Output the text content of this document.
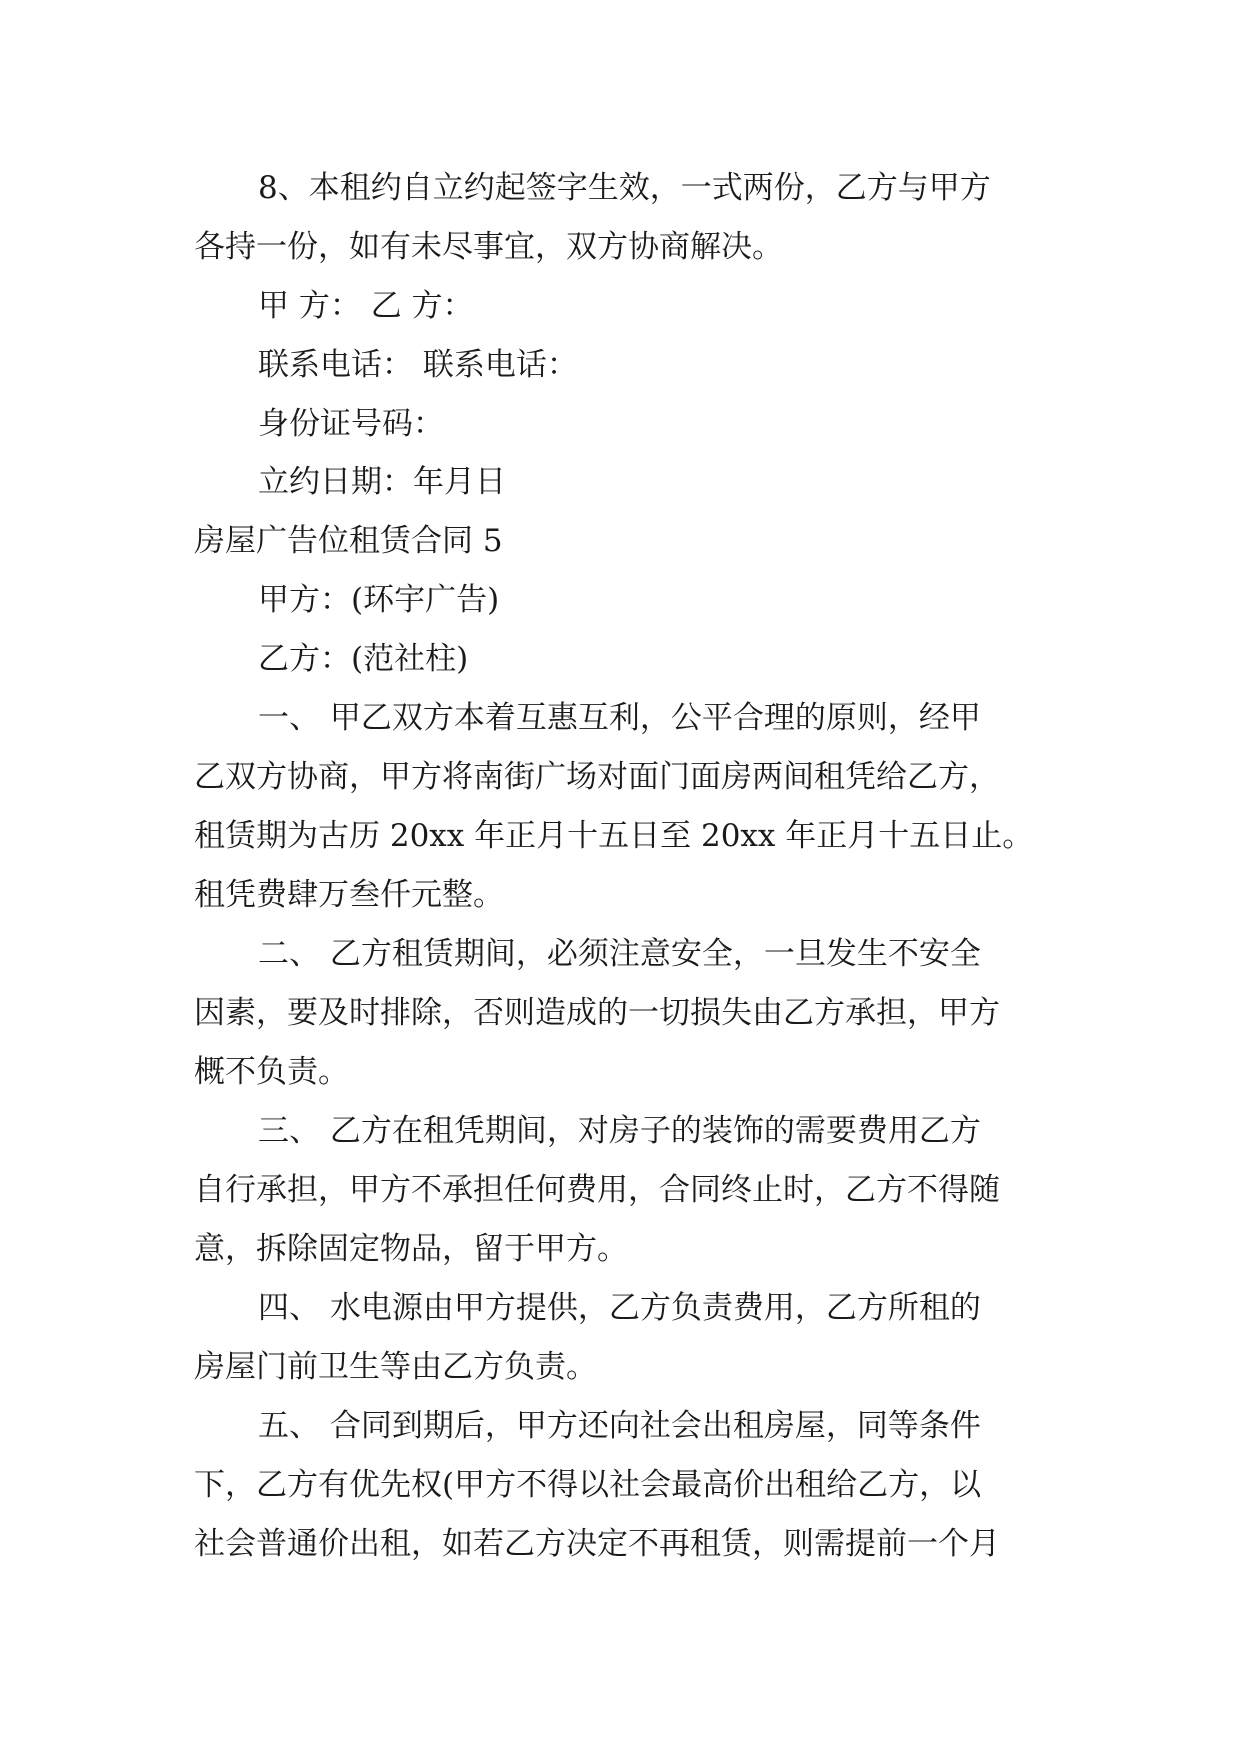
8、本租约自立约起签字生效，一式两份，乙方与甲方

各持一份，如有未尽事宜，双方协商解决。

甲 方： 乙 方：

联系电话： 联系电话：

身份证号码：

立约日期：年月日

房屋广告位租赁合同 5

甲方：(环宇广告)

乙方：(范社柱)

一、 甲乙双方本着互惠互利，公平合理的原则，经甲

乙双方协商，甲方将南街广场对面门面房两间租凭给乙方，

租赁期为古历 20xx 年正月十五日至 20xx 年正月十五日止。

租凭费肆万叁仟元整。

二、 乙方租赁期间，必须注意安全，一旦发生不安全

因素，要及时排除，否则造成的一切损失由乙方承担，甲方

概不负责。

三、 乙方在租凭期间，对房子的装饰的需要费用乙方

自行承担，甲方不承担任何费用，合同终止时，乙方不得随

意，拆除固定物品，留于甲方。

四、 水电源由甲方提供，乙方负责费用，乙方所租的

房屋门前卫生等由乙方负责。

五、 合同到期后，甲方还向社会出租房屋，同等条件

下，乙方有优先权(甲方不得以社会最高价出租给乙方，以

社会普通价出租，如若乙方决定不再租赁，则需提前一个月
